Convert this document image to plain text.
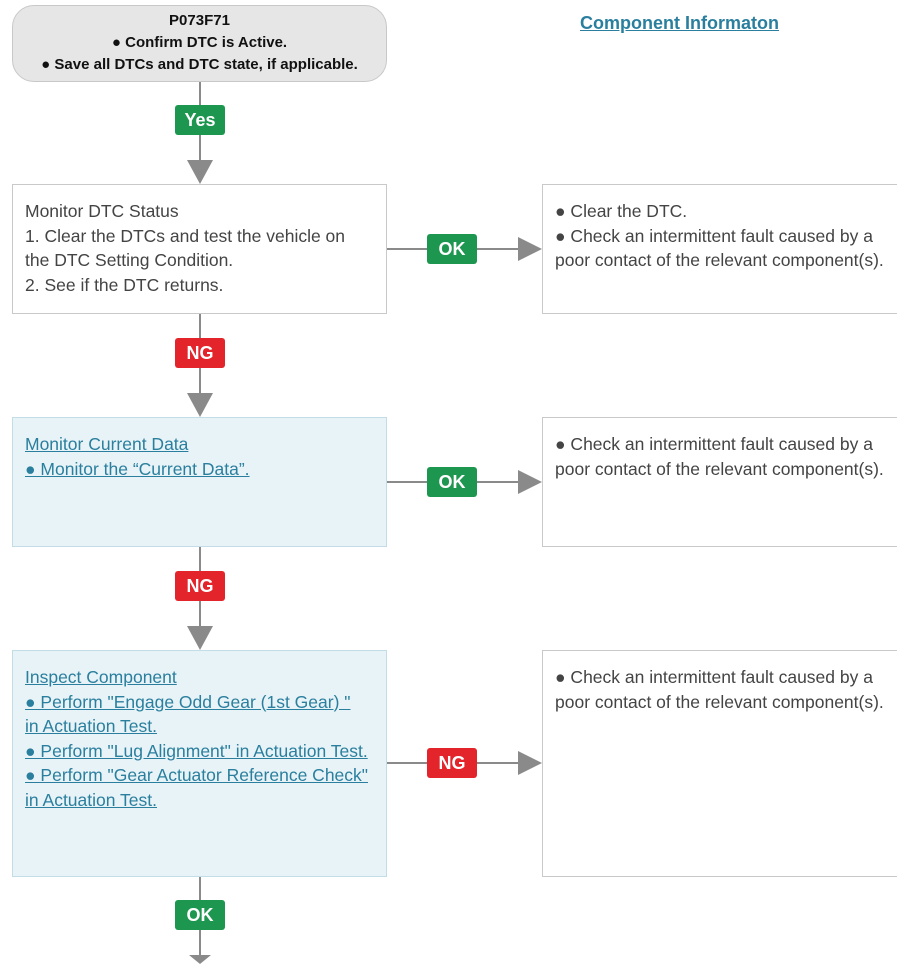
P073F71
● Confirm DTC is Active.
● Save all DTCs and DTC state, if applicable.
Component Informaton
Yes
OK
NG
OK
NG
NG
OK

Monitor DTC Status

1. Clear the DTCs and test the vehicle on the DTC Setting Condition.

2. See if the DTC returns.

● Clear the DTC.

● Check an intermittent fault caused by a poor contact of the relevant component(s).

Monitor Current Data
● Monitor the “Current Data”.

● Check an intermittent fault caused by a poor contact of the relevant component(s).

Inspect Component
● Perform "Engage Odd Gear (1st Gear) "
in Actuation Test.
● Perform "Lug Alignment" in Actuation Test.
● Perform "Gear Actuator Reference Check" in Actuation Test.

● Check an intermittent fault caused by a poor contact of the relevant component(s).
